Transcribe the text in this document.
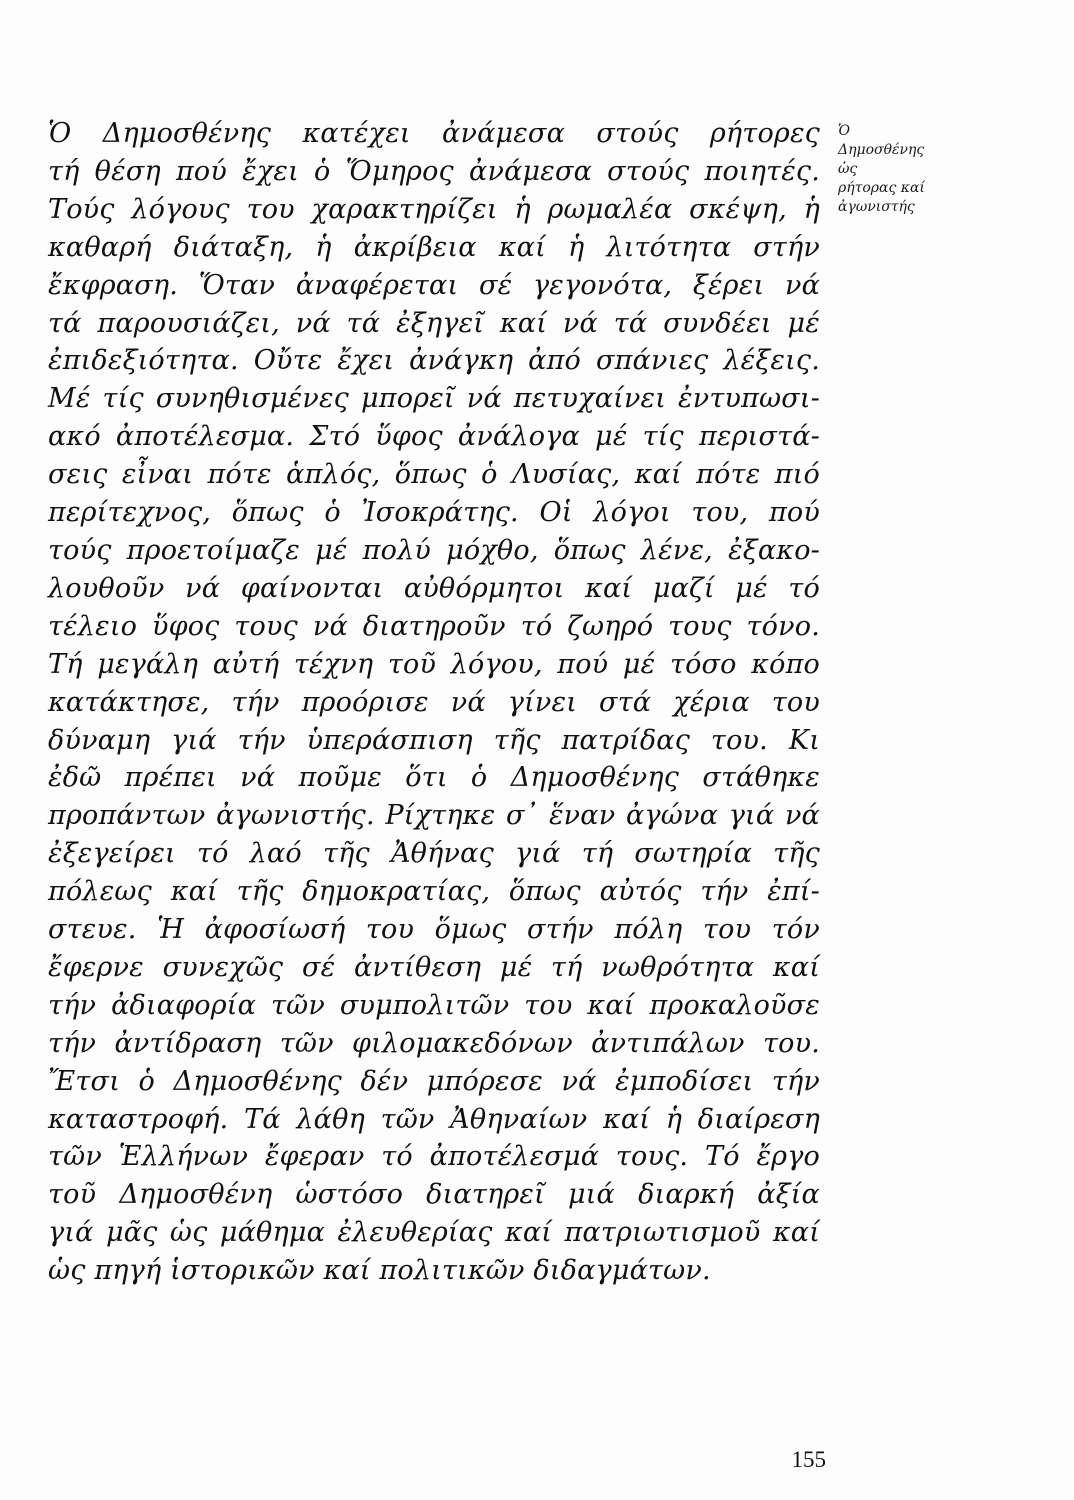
Ὁ Δημοσθένης κατέχει ἀνάμεσα στούς ρήτορες
τή θέση πού ἔχει ὁ Ὅμηρος ἀνάμεσα στούς ποιητές.
Τούς λόγους του χαρακτηρίζει ἡ ρωμαλέα σκέψη, ἡ
καθαρή διάταξη, ἡ ἀκρίβεια καί ἡ λιτότητα στήν
ἔκφραση. Ὅταν ἀναφέρεται σέ γεγονότα, ξέρει νά
τά παρουσιάζει, νά τά ἐξηγεῖ καί νά τά συνδέει μέ
ἐπιδεξιότητα. Οὔτε ἔχει ἀνάγκη ἀπό σπάνιες λέξεις.
Μέ τίς συνηθισμένες μπορεῖ νά πετυχαίνει ἐντυπωσι-
ακό ἀποτέλεσμα. Στό ὕφος ἀνάλογα μέ τίς περιστά-
σεις εἶναι πότε ἁπλός, ὅπως ὁ Λυσίας, καί πότε πιό
περίτεχνος, ὅπως ὁ Ἰσοκράτης. Οἱ λόγοι του, πού
τούς προετοίμαζε μέ πολύ μόχθο, ὅπως λένε, ἐξακο-
λουθοῦν νά φαίνονται αὐθόρμητοι καί μαζί μέ τό
τέλειο ὕφος τους νά διατηροῦν τό ζωηρό τους τόνο.
Τή μεγάλη αὐτή τέχνη τοῦ λόγου, πού μέ τόσο κόπο
κατάκτησε, τήν προόρισε νά γίνει στά χέρια του
δύναμη γιά τήν ὑπεράσπιση τῆς πατρίδας του. Κι
ἐδῶ πρέπει νά ποῦμε ὅτι ὁ Δημοσθένης στάθηκε
προπάντων ἀγωνιστής. Ρίχτηκε σ᾽ ἕναν ἀγώνα γιά νά
ἐξεγείρει τό λαό τῆς Ἀθήνας γιά τή σωτηρία τῆς
πόλεως καί τῆς δημοκρατίας, ὅπως αὐτός τήν ἐπί-
στευε. Ἡ ἀφοσίωσή του ὅμως στήν πόλη του τόν
ἔφερνε συνεχῶς σέ ἀντίθεση μέ τή νωθρότητα καί
τήν ἀδιαφορία τῶν συμπολιτῶν του καί προκαλοῦσε
τήν ἀντίδραση τῶν φιλομακεδόνων ἀντιπάλων του.
Ἔτσι ὁ Δημοσθένης δέν μπόρεσε νά ἐμποδίσει τήν
καταστροφή. Τά λάθη τῶν Ἀθηναίων καί ἡ διαίρεση
τῶν Ἑλλήνων ἔφεραν τό ἀποτέλεσμά τους. Τό ἔργο
τοῦ Δημοσθένη ὡστόσο διατηρεῖ μιά διαρκή ἀξία
γιά μᾶς ὡς μάθημα ἐλευθερίας καί πατριωτισμοῦ καί
ὡς πηγή ἱστορικῶν καί πολιτικῶν διδαγμάτων.
Ὁ
Δημοσθένης
ὡς
ρήτορας καί
ἀγωνιστής
155
